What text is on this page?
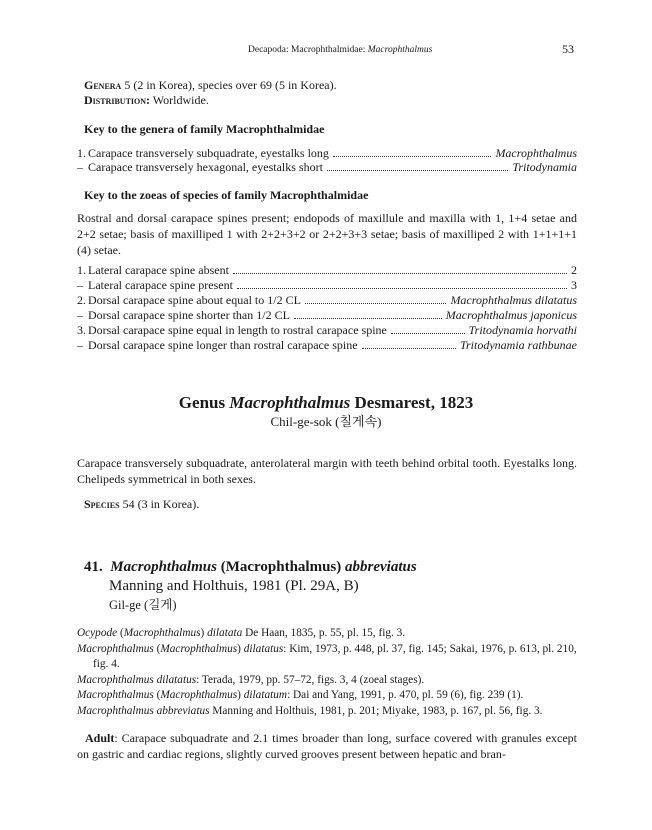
Decapoda: Macrophthalmidae: Macrophthalmus	53
Genera 5 (2 in Korea), species over 69 (5 in Korea).
Distribution: Worldwide.
Key to the genera of family Macrophthalmidae
1. Carapace transversely subquadrate, eyestalks long	Macrophthalmus
– Carapace transversely hexagonal, eyestalks short	Tritodynamia
Key to the zoeas of species of family Macrophthalmidae
Rostral and dorsal carapace spines present; endopods of maxillule and maxilla with 1, 1+4 setae and 2+2 setae; basis of maxilliped 1 with 2+2+3+2 or 2+2+3+3 setae; basis of maxilliped 2 with 1+1+1+1 (4) setae.
1. Lateral carapace spine absent	2
– Lateral carapace spine present	3
2. Dorsal carapace spine about equal to 1/2 CL	Macrophthalmus dilatatus
– Dorsal carapace spine shorter than 1/2 CL	Macrophthalmus japonicus
3. Dorsal carapace spine equal in length to rostral carapace spine	Tritodynamia horvathi
– Dorsal carapace spine longer than rostral carapace spine	Tritodynamia rathbunae
Genus Macrophthalmus Desmarest, 1823
Chil-ge-sok (칠게속)
Carapace transversely subquadrate, anterolateral margin with teeth behind orbital tooth. Eyestalks long. Chelipeds symmetrical in both sexes.
Species 54 (3 in Korea).
41. Macrophthalmus (Macrophthalmus) abbreviatus
Manning and Holthuis, 1981 (Pl. 29A, B)
Gil-ge (길게)
Ocypode (Macrophthalmus) dilatata De Haan, 1835, p. 55, pl. 15, fig. 3.
Macrophthalmus (Macrophthalmus) dilatatus: Kim, 1973, p. 448, pl. 37, fig. 145; Sakai, 1976, p. 613, pl. 210, fig. 4.
Macrophthalmus dilatatus: Terada, 1979, pp. 57–72, figs. 3, 4 (zoeal stages).
Macrophthalmus (Macrophthalmus) dilatatum: Dai and Yang, 1991, p. 470, pl. 59 (6), fig. 239 (1).
Macrophthalmus abbreviatus Manning and Holthuis, 1981, p. 201; Miyake, 1983, p. 167, pl. 56, fig. 3.
Adult: Carapace subquadrate and 2.1 times broader than long, surface covered with granules except on gastric and cardiac regions, slightly curved grooves present between hepatic and bran-
